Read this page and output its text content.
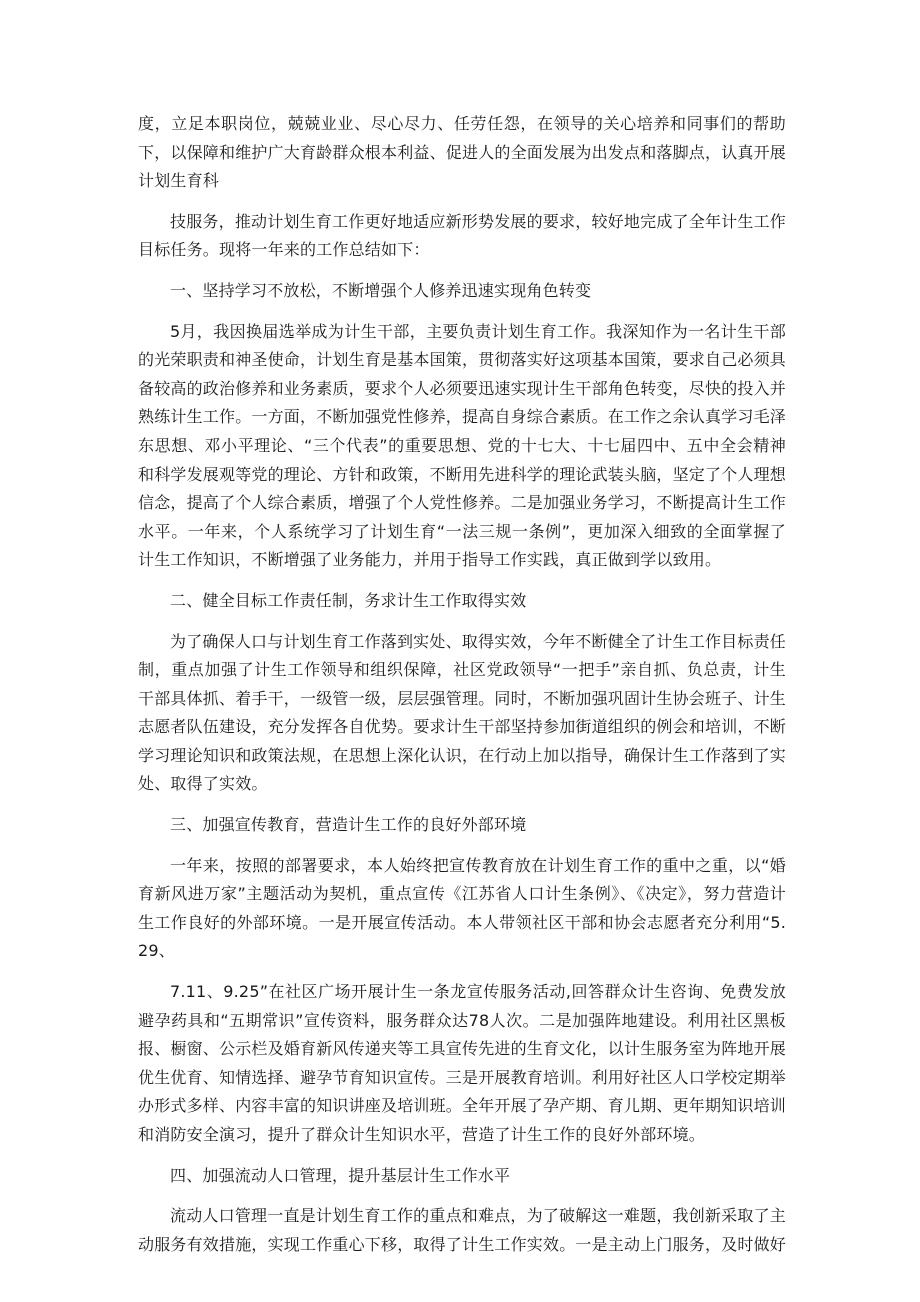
度，立足本职岗位，兢兢业业、尽心尽力、任劳任怨，在领导的关心培养和同事们的帮助下，以保障和维护广大育龄群众根本利益、促进人的全面发展为出发点和落脚点，认真开展计划生育科

技服务，推动计划生育工作更好地适应新形势发展的要求，较好地完成了全年计生工作目标任务。现将一年来的工作总结如下：

一、坚持学习不放松，不断增强个人修养迅速实现角色转变

5月，我因换届选举成为计生干部，主要负责计划生育工作。我深知作为一名计生干部的光荣职责和神圣使命，计划生育是基本国策，贯彻落实好这项基本国策，要求自己必须具备较高的政治修养和业务素质，要求个人必须要迅速实现计生干部角色转变，尽快的投入并熟练计生工作。一方面，不断加强党性修养，提高自身综合素质。在工作之余认真学习毛泽东思想、邓小平理论、“三个代表”的重要思想、党的十七大、十七届四中、五中全会精神和科学发展观等党的理论、方针和政策，不断用先进科学的理论武装头脑，坚定了个人理想信念，提高了个人综合素质，增强了个人党性修养。二是加强业务学习，不断提高计生工作水平。一年来，个人系统学习了计划生育“一法三规一条例”，更加深入细致的全面掌握了计生工作知识，不断增强了业务能力，并用于指导工作实践，真正做到学以致用。

二、健全目标工作责任制，务求计生工作取得实效

为了确保人口与计划生育工作落到实处、取得实效，今年不断健全了计生工作目标责任制，重点加强了计生工作领导和组织保障，社区党政领导“一把手”亲自抓、负总责，计生干部具体抓、着手干，一级管一级，层层强管理。同时，不断加强巩固计生协会班子、计生志愿者队伍建设，充分发挥各自优势。要求计生干部坚持参加街道组织的例会和培训，不断学习理论知识和政策法规，在思想上深化认识，在行动上加以指导，确保计生工作落到了实处、取得了实效。

三、加强宣传教育，营造计生工作的良好外部环境

一年来，按照的部署要求，本人始终把宣传教育放在计划生育工作的重中之重，以“婚育新风进万家”主题活动为契机，重点宣传《江苏省人口计生条例》、《决定》，努力营造计生工作良好的外部环境。一是开展宣传活动。本人带领社区干部和协会志愿者充分利用“5.29、

7.11、9.25”在社区广场开展计生一条龙宣传服务活动,回答群众计生咨询、免费发放避孕药具和“五期常识”宣传资料，服务群众达78人次。二是加强阵地建设。利用社区黑板报、橱窗、公示栏及婚育新风传递夹等工具宣传先进的生育文化，以计生服务室为阵地开展优生优育、知情选择、避孕节育知识宣传。三是开展教育培训。利用好社区人口学校定期举办形式多样、内容丰富的知识讲座及培训班。全年开展了孕产期、育儿期、更年期知识培训和消防安全演习，提升了群众计生知识水平，营造了计生工作的良好外部环境。

四、加强流动人口管理，提升基层计生工作水平

流动人口管理一直是计划生育工作的重点和难点，为了破解这一难题，我创新采取了主动服务有效措施，实现工作重心下移，取得了计生工作实效。一是主动上门服务，及时做好
